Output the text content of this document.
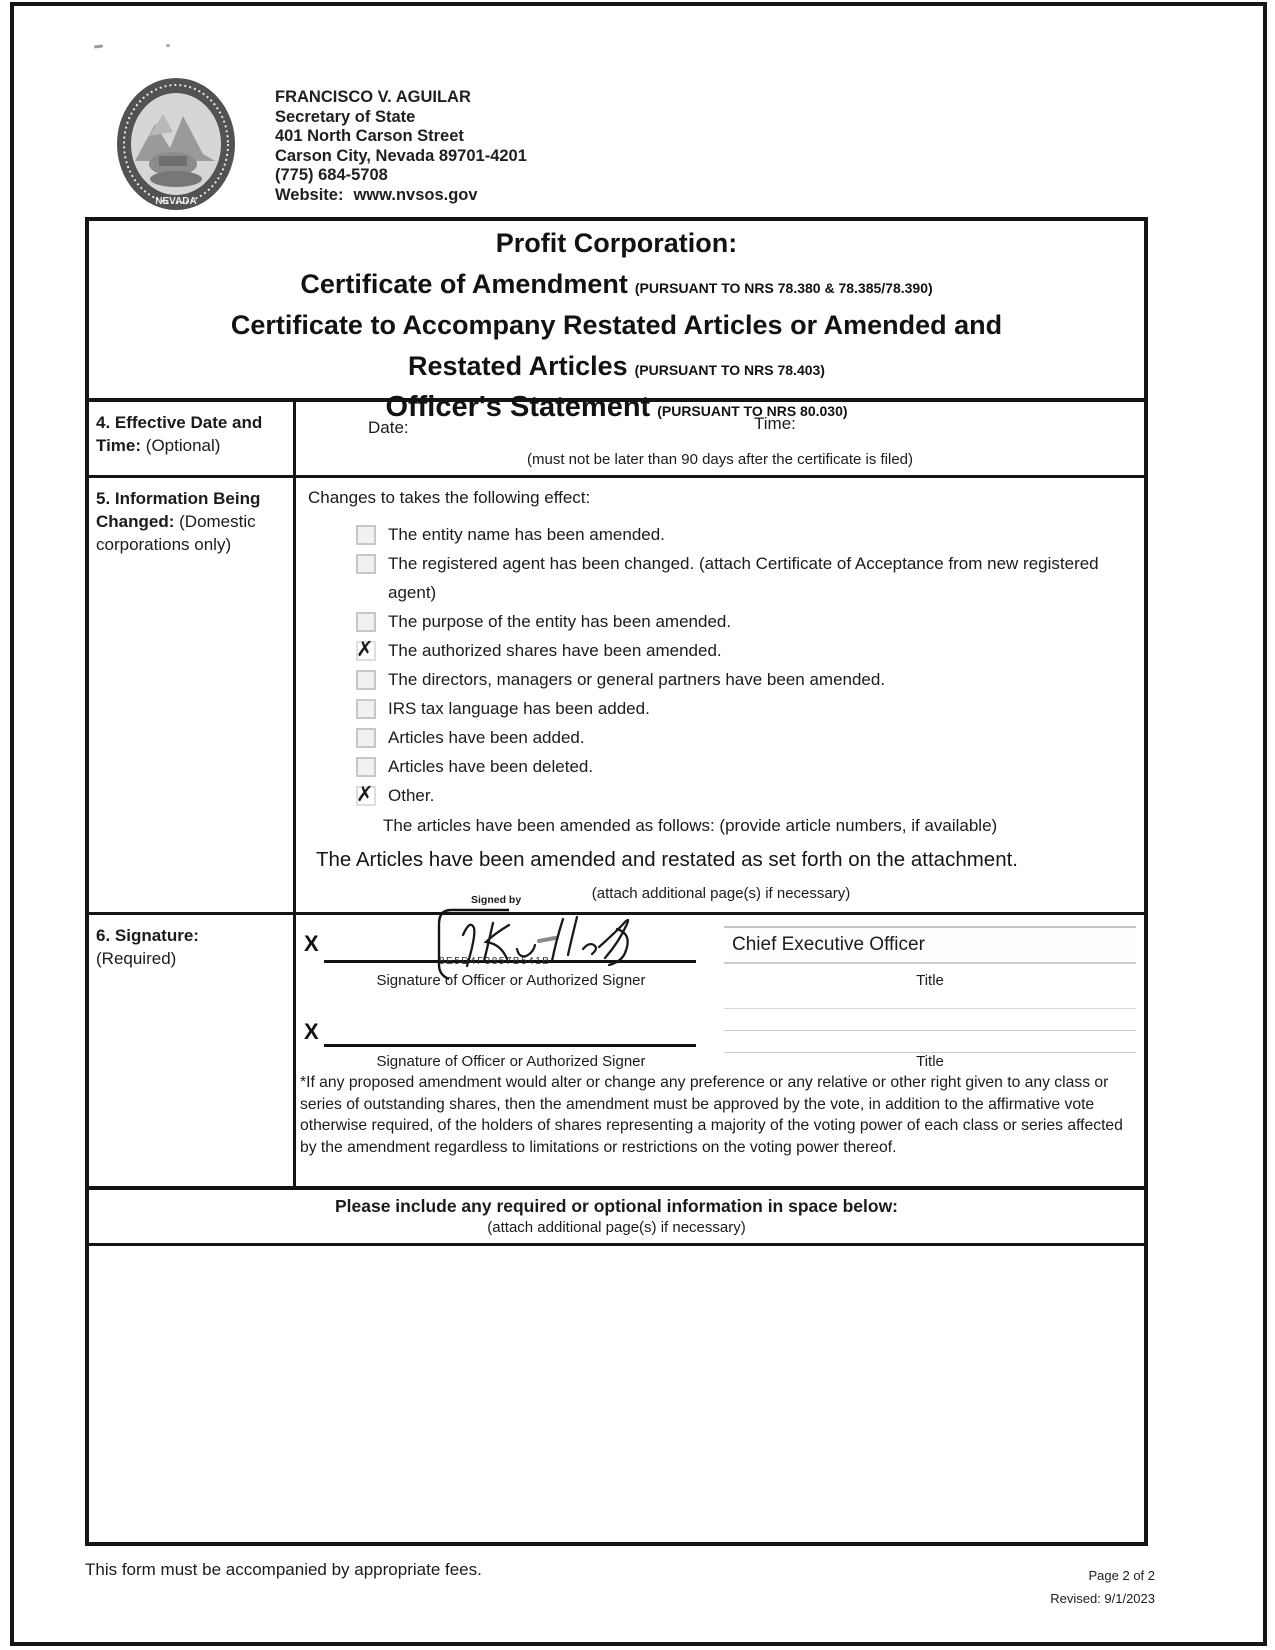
NEVADA
FRANCISCO V. AGUILAR
Secretary of State
401 North Carson Street
Carson City, Nevada 89701-4201
(775) 684-5708
Website: www.nvsos.gov
Profit Corporation:
Certificate of Amendment (PURSUANT TO NRS 78.380 & 78.385/78.390)
Certificate to Accompany Restated Articles or Amended and
Restated Articles (PURSUANT TO NRS 78.403)
Officer's Statement (PURSUANT TO NRS 80.030)
4. Effective Date and Time: (Optional)
Date:	Time:
(must not be later than 90 days after the certificate is filed)
5. Information Being Changed: (Domestic corporations only)
Changes to takes the following effect:
The entity name has been amended.
The registered agent has been changed. (attach Certificate of Acceptance from new registered agent)
The purpose of the entity has been amended.
✗ The authorized shares have been amended.
The directors, managers or general partners have been amended.
IRS tax language has been added.
Articles have been added.
Articles have been deleted.
✗ Other.
The articles have been amended as follows: (provide article numbers, if available)
The Articles have been amended and restated as set forth on the attachment.
(attach additional page(s) if necessary)
6. Signature:
(Required)
X
Signed by
8E5D4F3857B541B
Signature of Officer or Authorized Signer
Chief Executive Officer
Title
X
Signature of Officer or Authorized Signer	Title
*If any proposed amendment would alter or change any preference or any relative or other right given to any class or series of outstanding shares, then the amendment must be approved by the vote, in addition to the affirmative vote otherwise required, of the holders of shares representing a majority of the voting power of each class or series affected by the amendment regardless to limitations or restrictions on the voting power thereof.
Please include any required or optional information in space below:
(attach additional page(s) if necessary)
This form must be accompanied by appropriate fees.	Page 2 of 2
Revised: 9/1/2023
